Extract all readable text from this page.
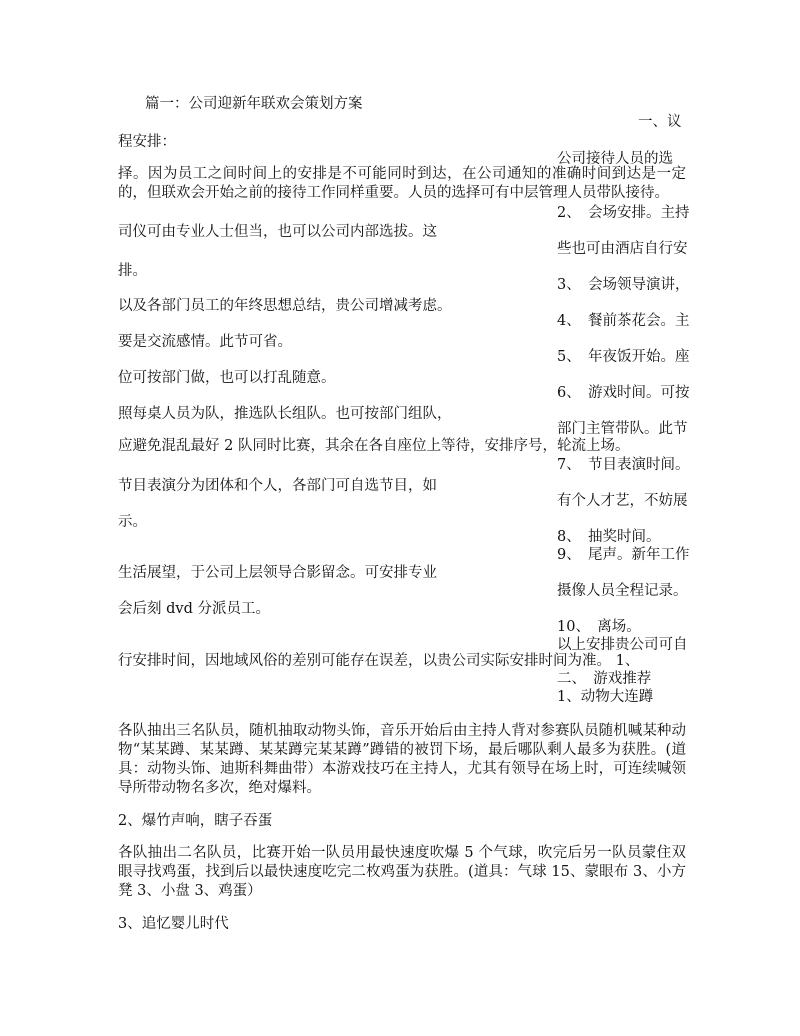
篇一：公司迎新年联欢会策划方案
一、议
程安排：
公司接待人员的选
择。因为员工之间时间上的安排是不可能同时到达，在公司通知的准确时间到达是一定的，但联欢会开始之前的接待工作同样重要。人员的选择可有中层管理人员带队接待。
2、　会场安排。主持
司仪可由专业人士但当，也可以公司内部选拔。这
些也可由酒店自行安
排。
3、　会场领导演讲，
以及各部门员工的年终思想总结，贵公司增减考虑。
4、　餐前茶花会。主
要是交流感情。此节可省。
5、　年夜饭开始。座
位可按部门做，也可以打乱随意。
6、　游戏时间。可按
照每桌人员为队，推选队长组队。也可按部门组队，
部门主管带队。此节
应避免混乱最好 2 队同时比赛，其余在各自座位上等待，安排序号，轮流上场。
7、　节目表演时间。
节目表演分为团体和个人，各部门可自选节目，如
有个人才艺，不妨展
示。
8、　抽奖时间。
9、　尾声。新年工作
生活展望，于公司上层领导合影留念。可安排专业
摄像人员全程记录。
会后刻 dvd 分派员工。
10、　离场。
以上安排贵公司可自
行安排时间，因地域风俗的差别可能存在误差，以贵公司实际安排时间为准。 1、
二、　游戏推荐
1、动物大连蹲
各队抽出三名队员，随机抽取动物头饰，音乐开始后由主持人背对参赛队员随机喊某种动物“某某蹲、某某蹲、某某蹲完某某蹲”蹲错的被罚下场，最后哪队剩人最多为获胜。(道具：动物头饰、迪斯科舞曲带）本游戏技巧在主持人，尤其有领导在场上时，可连续喊领导所带动物名多次，绝对爆料。
2、爆竹声响，瞎子吞蛋
各队抽出二名队员，比赛开始一队员用最快速度吹爆 5 个气球，吹完后另一队员蒙住双眼寻找鸡蛋，找到后以最快速度吃完二枚鸡蛋为获胜。(道具：气球 15、蒙眼布 3、小方凳 3、小盘 3、鸡蛋）
3、追忆婴儿时代
